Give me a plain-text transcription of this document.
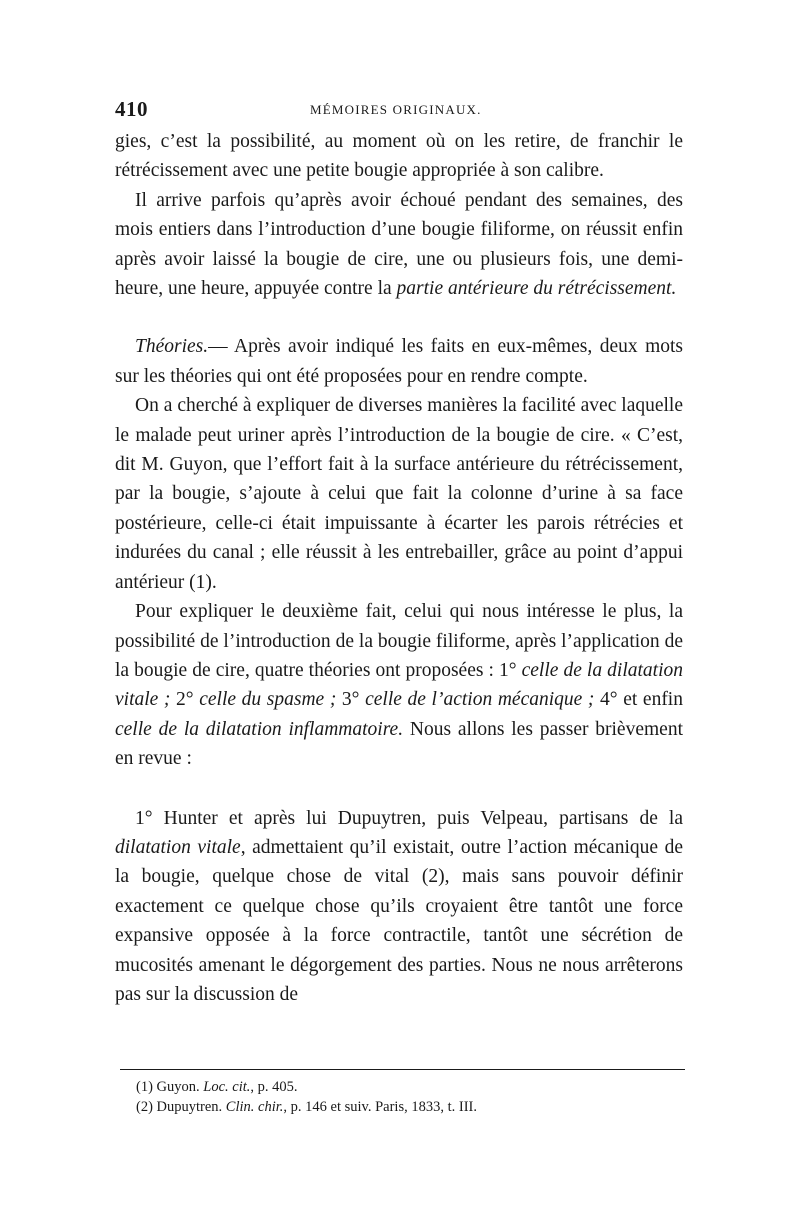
410	MÉMOIRES ORIGINAUX.

gies, c’est la possibilité, au moment où on les retire, de franchir le rétrécissement avec une petite bougie appropriée à son calibre.

Il arrive parfois qu’après avoir échoué pendant des semaines, des mois entiers dans l’introduction d’une bougie filiforme, on réussit enfin après avoir laissé la bougie de cire, une ou plusieurs fois, une demi-heure, une heure, appuyée contre la partie antérieure du rétrécissement.

Théories.— Après avoir indiqué les faits en eux-mêmes, deux mots sur les théories qui ont été proposées pour en rendre compte.

On a cherché à expliquer de diverses manières la facilité avec laquelle le malade peut uriner après l’introduction de la bougie de cire. « C’est, dit M. Guyon, que l’effort fait à la surface antérieure du rétrécissement, par la bougie, s’ajoute à celui que fait la colonne d’urine à sa face postérieure, celle-ci était impuissante à écarter les parois rétrécies et indurées du canal ; elle réussit à les entrebailler, grâce au point d’appui antérieur (1).

Pour expliquer le deuxième fait, celui qui nous intéresse le plus, la possibilité de l’introduction de la bougie filiforme, après l’application de la bougie de cire, quatre théories ont proposées : 1° celle de la dilatation vitale ; 2° celle du spasme ; 3° celle de l’action mécanique ; 4° et enfin celle de la dilatation inflammatoire. Nous allons les passer brièvement en revue :

1° Hunter et après lui Dupuytren, puis Velpeau, partisans de la dilatation vitale, admettaient qu’il existait, outre l’action mécanique de la bougie, quelque chose de vital (2), mais sans pouvoir définir exactement ce quelque chose qu’ils croyaient être tantôt une force expansive opposée à la force contractile, tantôt une sécrétion de mucosités amenant le dégorgement des parties. Nous ne nous arrêterons pas sur la discussion de

(1) Guyon. Loc. cit., p. 405.

(2) Dupuytren. Clin. chir., p. 146 et suiv. Paris, 1833, t. III.
